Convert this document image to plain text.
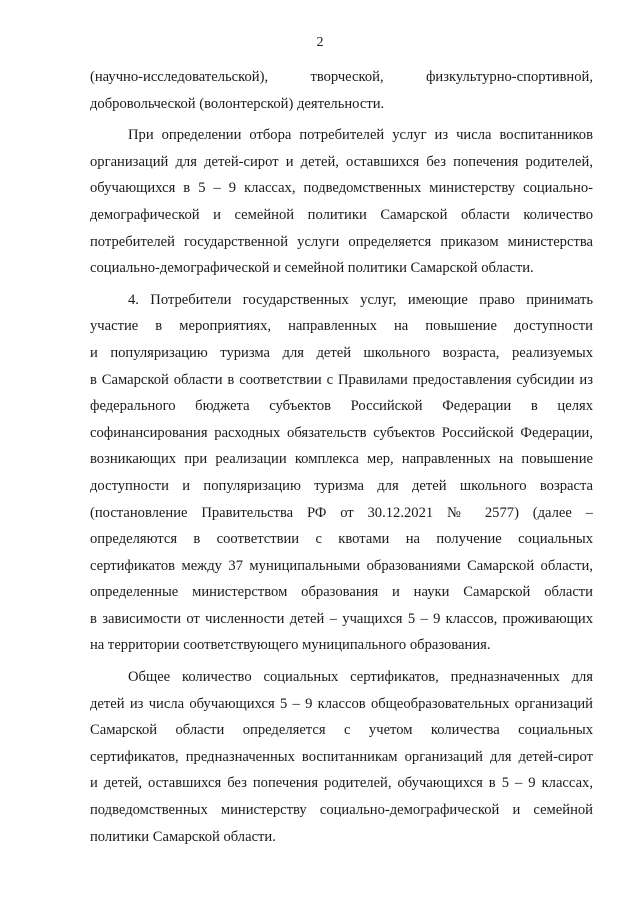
2
(научно-исследовательской), творческой, физкультурно-спортивной,
добровольческой (волонтерской) деятельности.
При определении отбора потребителей услуг из числа воспитанников
организаций для детей-сирот и детей, оставшихся без попечения родителей,
обучающихся в 5 – 9 классах, подведомственных министерству социально-
демографической и семейной политики Самарской области количество
потребителей государственной услуги определяется приказом министерства
социально-демографической и семейной политики Самарской области.
4. Потребители государственных услуг, имеющие право принимать
участие в мероприятиях, направленных на повышение доступности
и популяризацию туризма для детей школьного возраста, реализуемых
в Самарской области в соответствии с Правилами предоставления субсидии из
федерального бюджета субъектов Российской Федерации в целях
софинансирования расходных обязательств субъектов Российской Федерации,
возникающих при реализации комплекса мер, направленных на повышение
доступности и популяризацию туризма для детей школьного возраста
(постановление Правительства РФ от 30.12.2021 № 2577) (далее –
определяются в соответствии с квотами на получение социальных
сертификатов между 37 муниципальными образованиями Самарской области,
определенные министерством образования и науки Самарской области
в зависимости от численности детей – учащихся 5 – 9 классов, проживающих
на территории соответствующего муниципального образования.
Общее количество социальных сертификатов, предназначенных для
детей из числа обучающихся 5 – 9 классов общеобразовательных организаций
Самарской области определяется с учетом количества социальных
сертификатов, предназначенных воспитанникам организаций для детей-сирот
и детей, оставшихся без попечения родителей, обучающихся в 5 – 9 классах,
подведомственных министерству социально-демографической и семейной
политики Самарской области.
